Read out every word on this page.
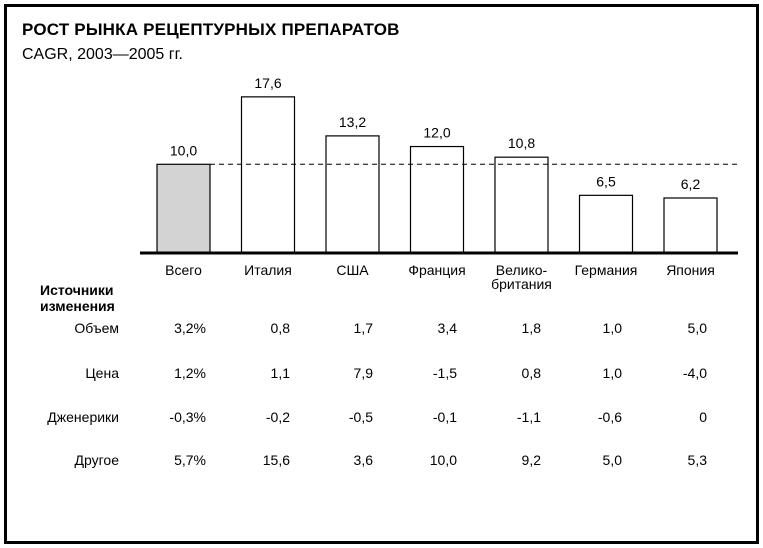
РОСТ РЫНКА РЕЦЕПТУРНЫХ ПРЕПАРАТОВ

CAGR, 2003—2005 гг.

10,0
Всего
17,6
Италия
13,2
США
12,0
Франция
10,8
Велико-
британия
6,5
Германия
6,2
Япония
Источники
изменения
Объем	3,2%	0,8	1,7	3,4	1,8	1,0	5,0
Цена	1,2%	1,1	7,9	-1,5	0,8	1,0	-4,0
Дженерики	-0,3%	-0,2	-0,5	-0,1	-1,1	-0,6	0
Другое	5,7%	15,6	3,6	10,0	9,2	5,0	5,3
